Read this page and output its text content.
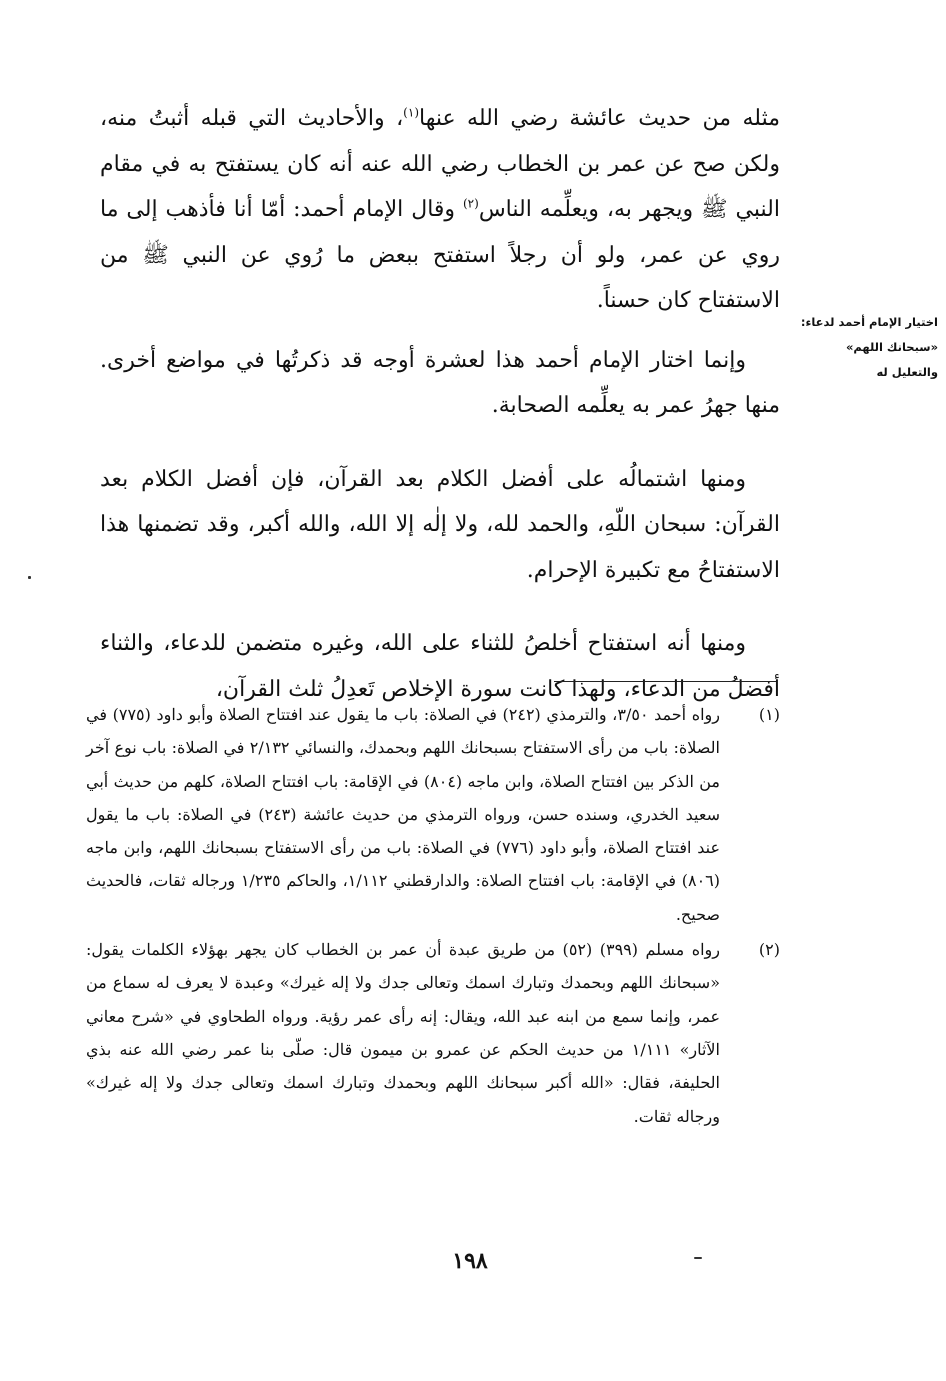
مثله من حديث عائشة رضي الله عنها$^{(١)}$، والأحاديث التي قبله أثبتُ منه، ولكن صح عن عمر بن الخطاب رضي الله عنه أنه كان يستفتح به في مقام النبي ﷺ ويجهر به، ويعلِّمه الناس$^{(٢)}$ وقال الإمام أحمد: أمّا أنا فأذهب إلى ما روي عن عمر، ولو أن رجلاً استفتح ببعض ما رُوي عن النبي ﷺ من الاستفتاح كان حسناً.

وإنما اختار الإمام أحمد هذا لعشرة أوجه قد ذكرتُها في مواضع أخرى. منها جهرُ عمر به يعلِّمه الصحابة.

ومنها اشتمالُه على أفضل الكلام بعد القرآن، فإن أفضل الكلام بعد القرآن: سبحان اللّهِ، والحمد لله، ولا إلٰه إلا الله، والله أكبر، وقد تضمنها هذا الاستفتاحُ مع تكبيرة الإحرام.

ومنها أنه استفتاح أخلصُ للثناء على الله، وغيره متضمن للدعاء، والثناء أفضلُ من الدعاء، ولهذا كانت سورة الإخلاص تَعدِلُ ثلث القرآن،

اختيار الإمام أحمد لدعاء:
«سبحانك اللهم»
والتعليل له
(١)
رواه أحمد ٣/٥٠، والترمذي (٢٤٢) في الصلاة: باب ما يقول عند افتتاح الصلاة وأبو داود (٧٧٥) في الصلاة: باب من رأى الاستفتاح بسبحانك اللهم وبحمدك، والنسائي ٢/١٣٢ في الصلاة: باب نوع آخر من الذكر بين افتتاح الصلاة، وابن ماجه (٨٠٤) في الإقامة: باب افتتاح الصلاة، كلهم من حديث أبي سعيد الخدري، وسنده حسن، ورواه الترمذي من حديث عائشة (٢٤٣) في الصلاة: باب ما يقول عند افتتاح الصلاة، وأبو داود (٧٧٦) في الصلاة: باب من رأى الاستفتاح بسبحانك اللهم، وابن ماجه (٨٠٦) في الإقامة: باب افتتاح الصلاة: والدارقطني ١/١١٢، والحاكم ١/٢٣٥ ورجاله ثقات، فالحديث صحيح.
(٢)
رواه مسلم (٣٩٩) (٥٢) من طريق عبدة أن عمر بن الخطاب كان يجهر بهؤلاء الكلمات يقول: «سبحانك اللهم وبحمدك وتبارك اسمك وتعالى جدك ولا إله غيرك» وعبدة لا يعرف له سماع من عمر، وإنما سمع من ابنه عبد الله، ويقال: إنه رأى عمر رؤية. ورواه الطحاوي في «شرح معاني الآثار» ١/١١١ من حديث الحكم عن عمرو بن ميمون قال: صلّى بنا عمر رضي الله عنه بذي الحليفة، فقال: «الله أكبر سبحانك اللهم وبحمدك وتبارك اسمك وتعالى جدك ولا إله غيرك» ورجاله ثقات.
١٩٨
